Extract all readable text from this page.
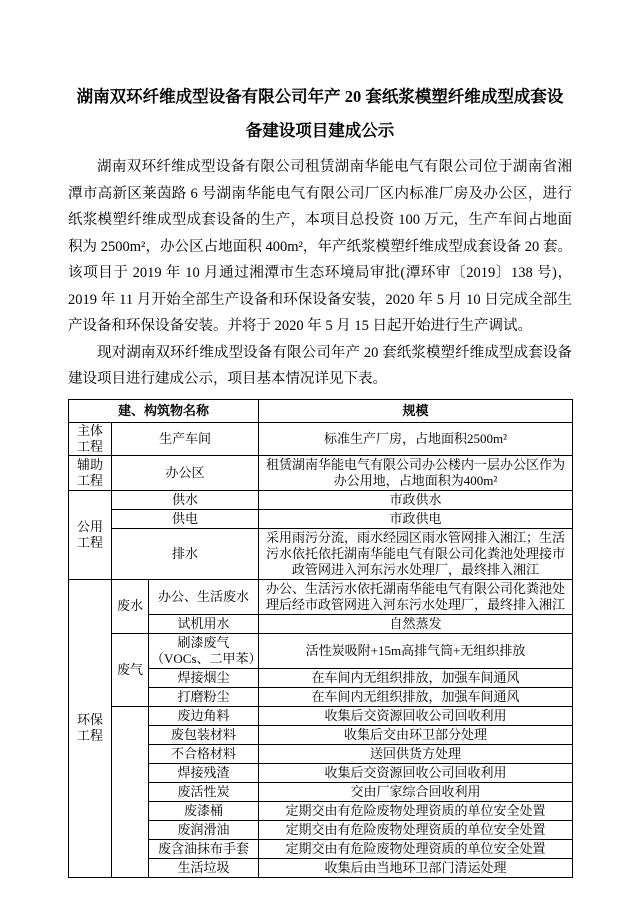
湖南双环纤维成型设备有限公司年产 20 套纸浆模塑纤维成型成套设备建设项目建成公示

湖南双环纤维成型设备有限公司租赁湖南华能电气有限公司位于湖南省湘潭市高新区莱茵路 6 号湖南华能电气有限公司厂区内标准厂房及办公区，进行纸浆模塑纤维成型成套设备的生产，本项目总投资 100 万元，生产车间占地面积为 2500m²，办公区占地面积 400m²，年产纸浆模塑纤维成型成套设备 20 套。该项目于 2019 年 10 月通过湘潭市生态环境局审批(潭环审〔2019〕138 号)，2019 年 11 月开始全部生产设备和环保设备安装，2020 年 5 月 10 日完成全部生产设备和环保设备安装。并将于 2020 年 5 月 15 日起开始进行生产调试。

现对湖南双环纤维成型设备有限公司年产 20 套纸浆模塑纤维成型成套设备建设项目进行建成公示，项目基本情况详见下表。

建、构筑物名称			规模
主体工程	生产车间		标准生产厂房，占地面积2500m²
辅助工程	办公区		租赁湖南华能电气有限公司办公楼内一层办公区作为办公用地，占地面积为400m²
公用工程	供水		市政供水
	供电		市政供电
	排水		采用雨污分流，雨水经园区雨水管网排入湘江；生活污水依托依托湖南华能电气有限公司化粪池处理接市政管网进入河东污水处理厂，最终排入湘江
环保工程	废水	办公、生活废水	办公、生活污水依托湖南华能电气有限公司化粪池处理后经市政管网进入河东污水处理厂，最终排入湘江
		试机用水	自然蒸发
	废气	刷漆废气（VOCs、二甲苯）	活性炭吸附+15m高排气筒+无组织排放
		焊接烟尘	在车间内无组织排放，加强车间通风
		打磨粉尘	在车间内无组织排放，加强车间通风
		废边角料	收集后交资源回收公司回收利用
		废包装材料	收集后交由环卫部分处理
		不合格材料	送回供货方处理
		焊接残渣	收集后交资源回收公司回收利用
		废活性炭	交由厂家综合回收利用
		废漆桶	定期交由有危险废物处理资质的单位安全处置
		废润滑油	定期交由有危险废物处理资质的单位安全处置
		废含油抹布手套	定期交由有危险废物处理资质的单位安全处置
		生活垃圾	收集后由当地环卫部门清运处理
